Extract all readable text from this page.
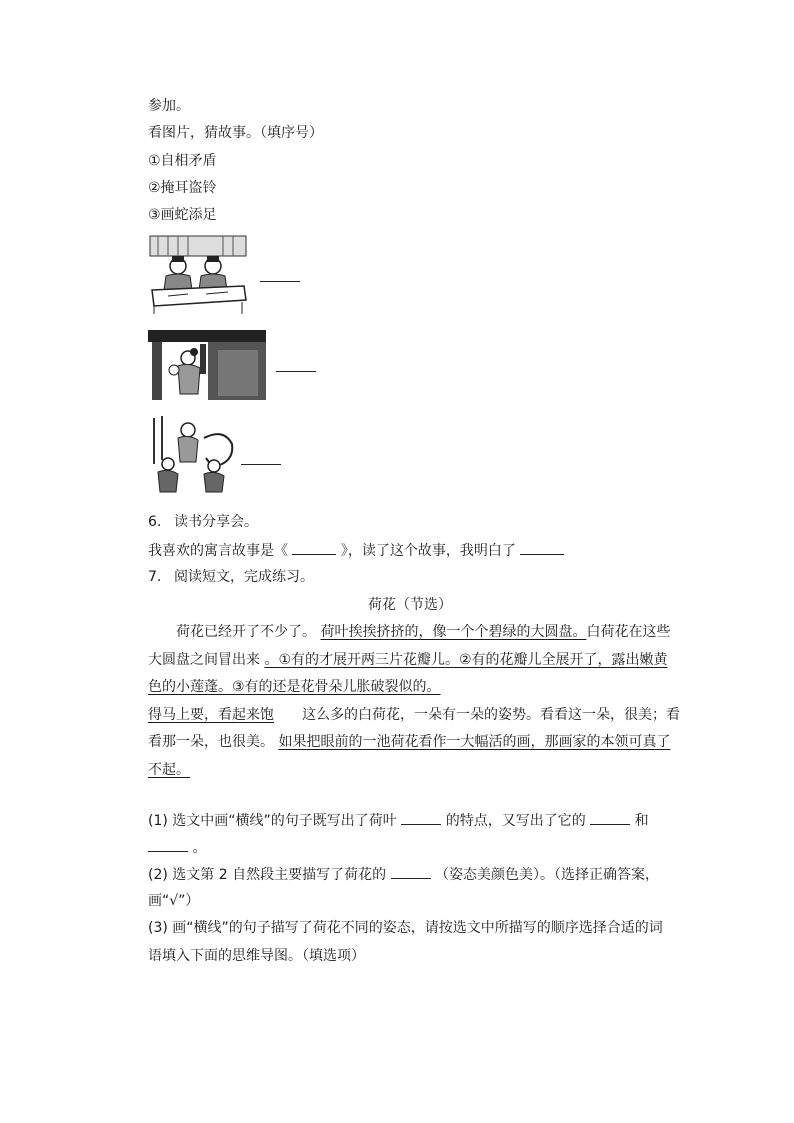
参加。
看图片，猜故事。（填序号）
①自相矛盾
②掩耳盗铃
③画蛇添足
6. 读书分享会。
我喜欢的寓言故事是《	》，读了这个故事，我明白了
7. 阅读短文，完成练习。
荷花（节选）
荷花已经开了不少了。 荷叶挨挨挤挤的，像一个个碧绿的大圆盘。白荷花在这些
大圆盘之间冒出来 。①有的才展开两三片花瓣儿。②有的花瓣儿全展开了，露出嫩黄
色的小莲蓬。③有的还是花骨朵儿胀破裂似的。
得马上要，看起来饱 这么多的白荷花，一朵有一朵的姿势。看看这一朵，很美；看
看那一朵，也很美。 如果把眼前的一池荷花看作一大幅活的画，那画家的本领可真了
不起。
(1) 选文中画“横线”的句子既写出了荷叶	的特点，又写出了它的	和
。
(2) 选文第 2 自然段主要描写了荷花的	（姿态美颜色美）。（选择正确答案，
画“√”）
(3) 画“横线”的句子描写了荷花不同的姿态，请按选文中所描写的顺序选择合适的词
语填入下面的思维导图。（填选项）
